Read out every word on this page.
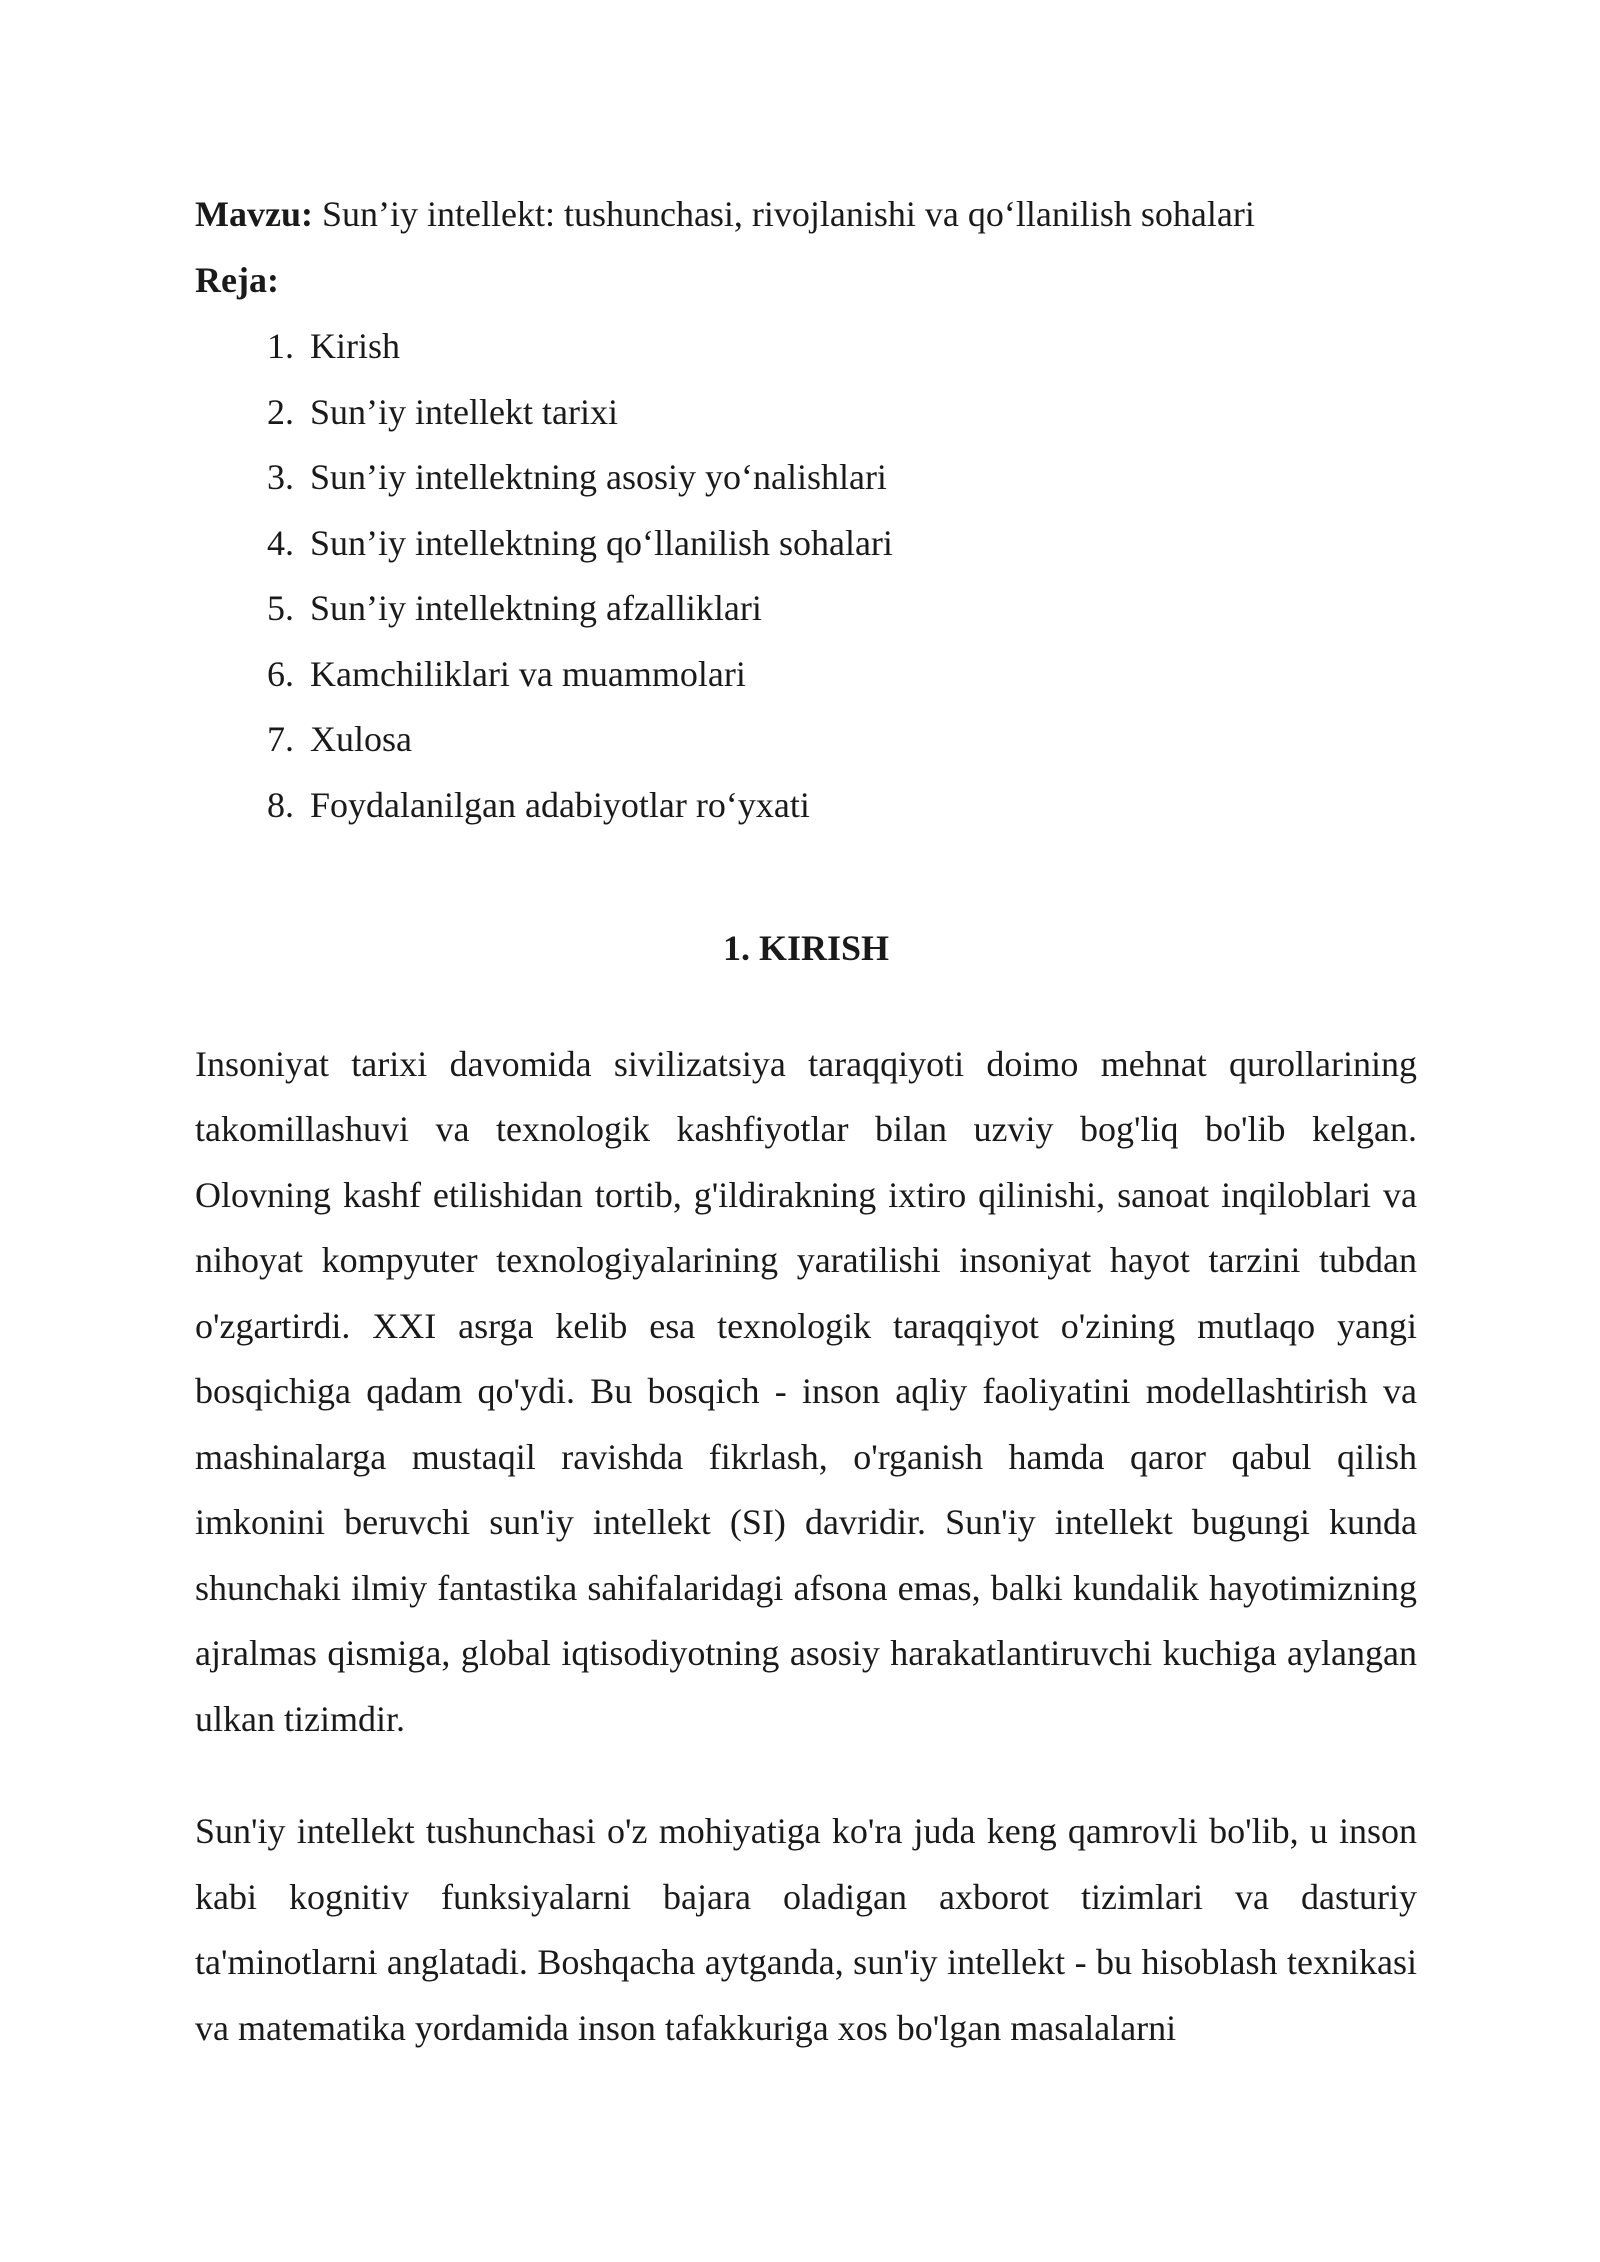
Mavzu: Sun’iy intellekt: tushunchasi, rivojlanishi va qo‘llanilish sohalari

Reja:

1. Kirish
2. Sun’iy intellekt tarixi
3. Sun’iy intellektning asosiy yo‘nalishlari
4. Sun’iy intellektning qo‘llanilish sohalari
5. Sun’iy intellektning afzalliklari
6. Kamchiliklari va muammolari
7. Xulosa
8. Foydalanilgan adabiyotlar ro‘yxati
1. KIRISH

Insoniyat tarixi davomida sivilizatsiya taraqqiyoti doimo mehnat qurollarining takomillashuvi va texnologik kashfiyotlar bilan uzviy bog'liq bo'lib kelgan. Olovning kashf etilishidan tortib, g'ildirakning ixtiro qilinishi, sanoat inqiloblari va nihoyat kompyuter texnologiyalarining yaratilishi insoniyat hayot tarzini tubdan o'zgartirdi. XXI asrga kelib esa texnologik taraqqiyot o'zining mutlaqo yangi bosqichiga qadam qo'ydi. Bu bosqich - inson aqliy faoliyatini modellashtirish va mashinalarga mustaqil ravishda fikrlash, o'rganish hamda qaror qabul qilish imkonini beruvchi sun'iy intellekt (SI) davridir. Sun'iy intellekt bugungi kunda shunchaki ilmiy fantastika sahifalaridagi afsona emas, balki kundalik hayotimizning ajralmas qismiga, global iqtisodiyotning asosiy harakatlantiruvchi kuchiga aylangan ulkan tizimdir.

Sun'iy intellekt tushunchasi o'z mohiyatiga ko'ra juda keng qamrovli bo'lib, u inson kabi kognitiv funksiyalarni bajara oladigan axborot tizimlari va dasturiy ta'minotlarni anglatadi. Boshqacha aytganda, sun'iy intellekt - bu hisoblash texnikasi va matematika yordamida inson tafakkuriga xos bo'lgan masalalarni
